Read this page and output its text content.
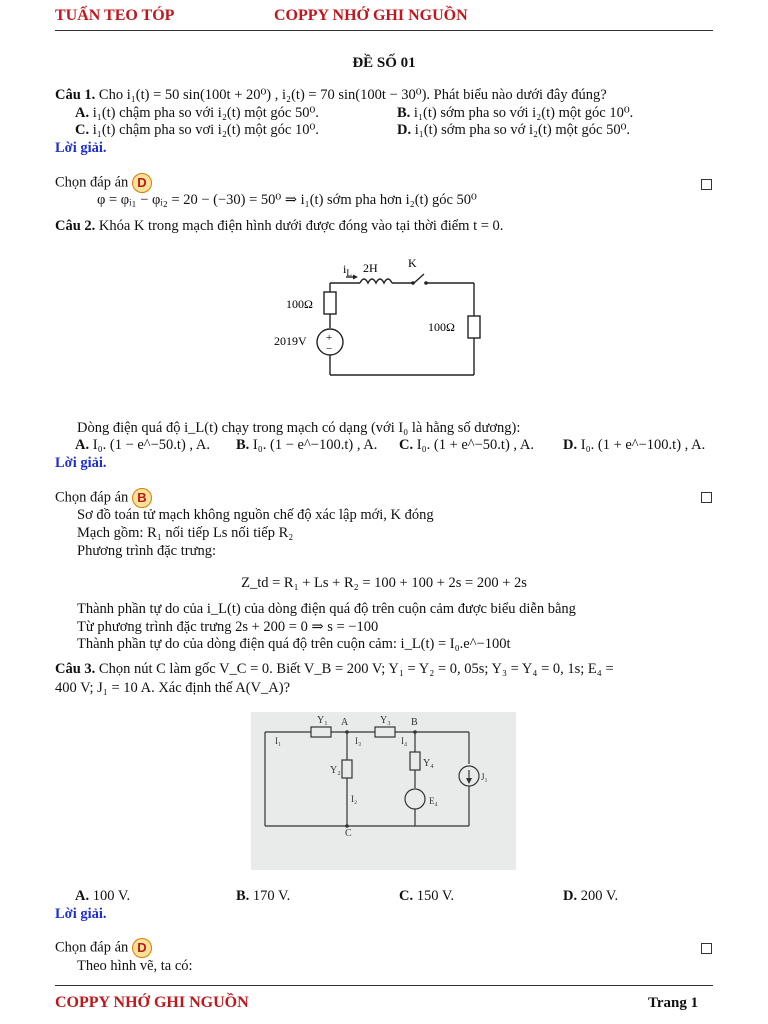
TUẤN TEO TÓP	COPPY NHỚ GHI NGUỒN
ĐỀ SỐ 01
Câu 1. Cho i₁(t) = 50 sin(100t + 20⁰) , i₂(t) = 70 sin(100t − 30⁰). Phát biểu nào dưới đây đúng?
A. i₁(t) chậm pha so với i₂(t) một góc 50⁰.	B. i₁(t) sớm pha so với i₂(t) một góc 10⁰.
C. i₁(t) chậm pha so vơi i₂(t) một góc 10⁰.	D. i₁(t) sớm pha so vớ i₂(t) một góc 50⁰.
Lời giải.
Chọn đáp án D
φ = φᵢ₁ − φᵢ₂ = 20 − (−30) = 50⁰ ⇒ i₁(t) sớm pha hơn i₂(t) góc 50⁰
Câu 2. Khóa K trong mạch điện hình dưới được đóng vào tại thời điểm t = 0.
$i_L$ 2H	K
100Ω
100Ω
2019V +
−
Dòng điện quá độ i_L(t) chạy trong mạch có dạng (với I₀ là hằng số dương):
A. I₀. (1 − e^−50.t) , A. B. I₀. (1 − e^−100.t) , A. C. I₀. (1 + e^−50.t) , A. D. I₀. (1 + e^−100.t) , A.
Lời giải.
Chọn đáp án B
Sơ đồ toán tử mạch không nguồn chế độ xác lập mới, K đóng
Mạch gồm: R₁ nối tiếp Ls nối tiếp R₂
Phương trình đặc trưng:
Z_td = R₁ + Ls + R₂ = 100 + 100 + 2s = 200 + 2s
Thành phần tự do của i_L(t) của dòng điện quá độ trên cuộn cảm được biểu diễn bằng
Từ phương trình đặc trưng 2s + 200 = 0 ⇒ s = −100
Thành phần tự do của dòng điện quá độ trên cuộn cảm: i_L(t) = I₀.e^−100t
Câu 3. Chọn nút C làm gốc V_C = 0. Biết V_B = 200 V; Y₁ = Y₂ = 0, 05s; Y₃ = Y₄ = 0, 1s; E₄ =
400 V; J₁ = 10 A. Xác định thế A(V_A)?
Y₁ A	Y₃ B
C
Y₂
Y₄
I₁	I₃	I₄
I₂	E₄
J₁
A. 100 V.	B. 170 V.	C. 150 V.	D. 200 V.
Lời giải.
Chọn đáp án D
Theo hình vẽ, ta có:
COPPY NHỚ GHI NGUỒN	Trang 1
